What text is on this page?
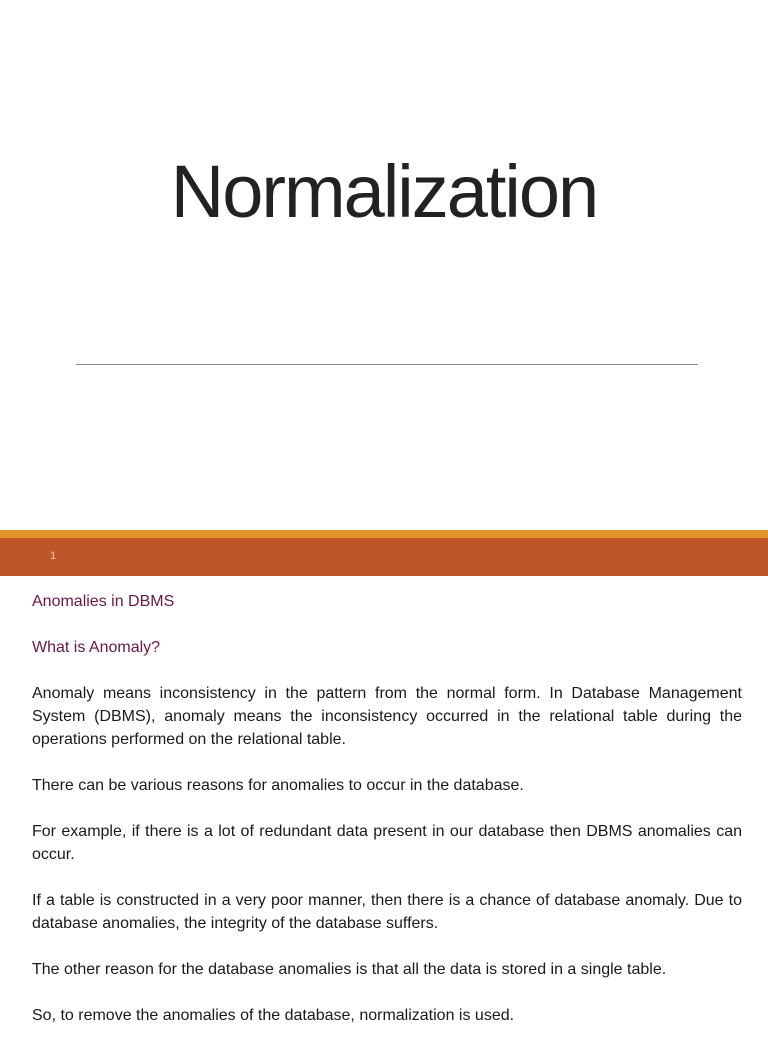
Normalization
1

Anomalies in DBMS

What is Anomaly?

Anomaly means inconsistency in the pattern from the normal form. In Database Management System (DBMS), anomaly means the inconsistency occurred in the relational table during the operations performed on the relational table.

There can be various reasons for anomalies to occur in the database.

For example, if there is a lot of redundant data present in our database then DBMS anomalies can occur.

If a table is constructed in a very poor manner, then there is a chance of database anomaly. Due to database anomalies, the integrity of the database suffers.

The other reason for the database anomalies is that all the data is stored in a single table.

So, to remove the anomalies of the database, normalization is used.
